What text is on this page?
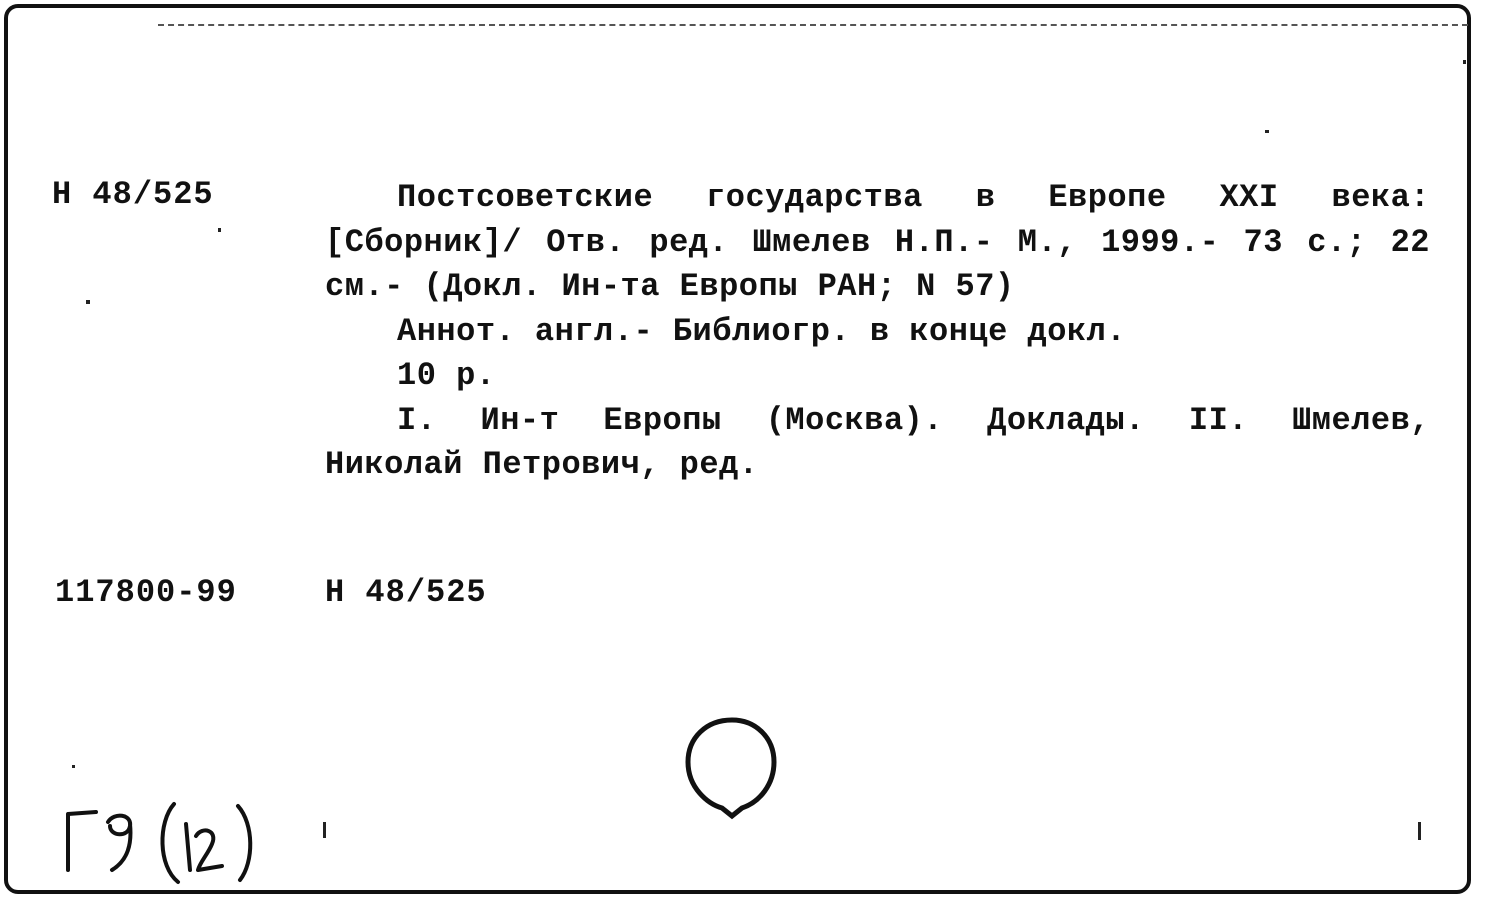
Н 48/525	Постсоветские государства в Европе XXI века: [Сборник]/ Отв. ред. Шмелев Н.П.- М., 1999.- 73 с.; 22 см.- (Докл. Ин-та Европы РАН; N 57)

Аннот. англ.- Библиогр. в конце докл.

10 р.

I. Ин-т Европы (Москва). Доклады. II. Шмелев, Николай Петрович, ред.

117800-99	Н 48/525
